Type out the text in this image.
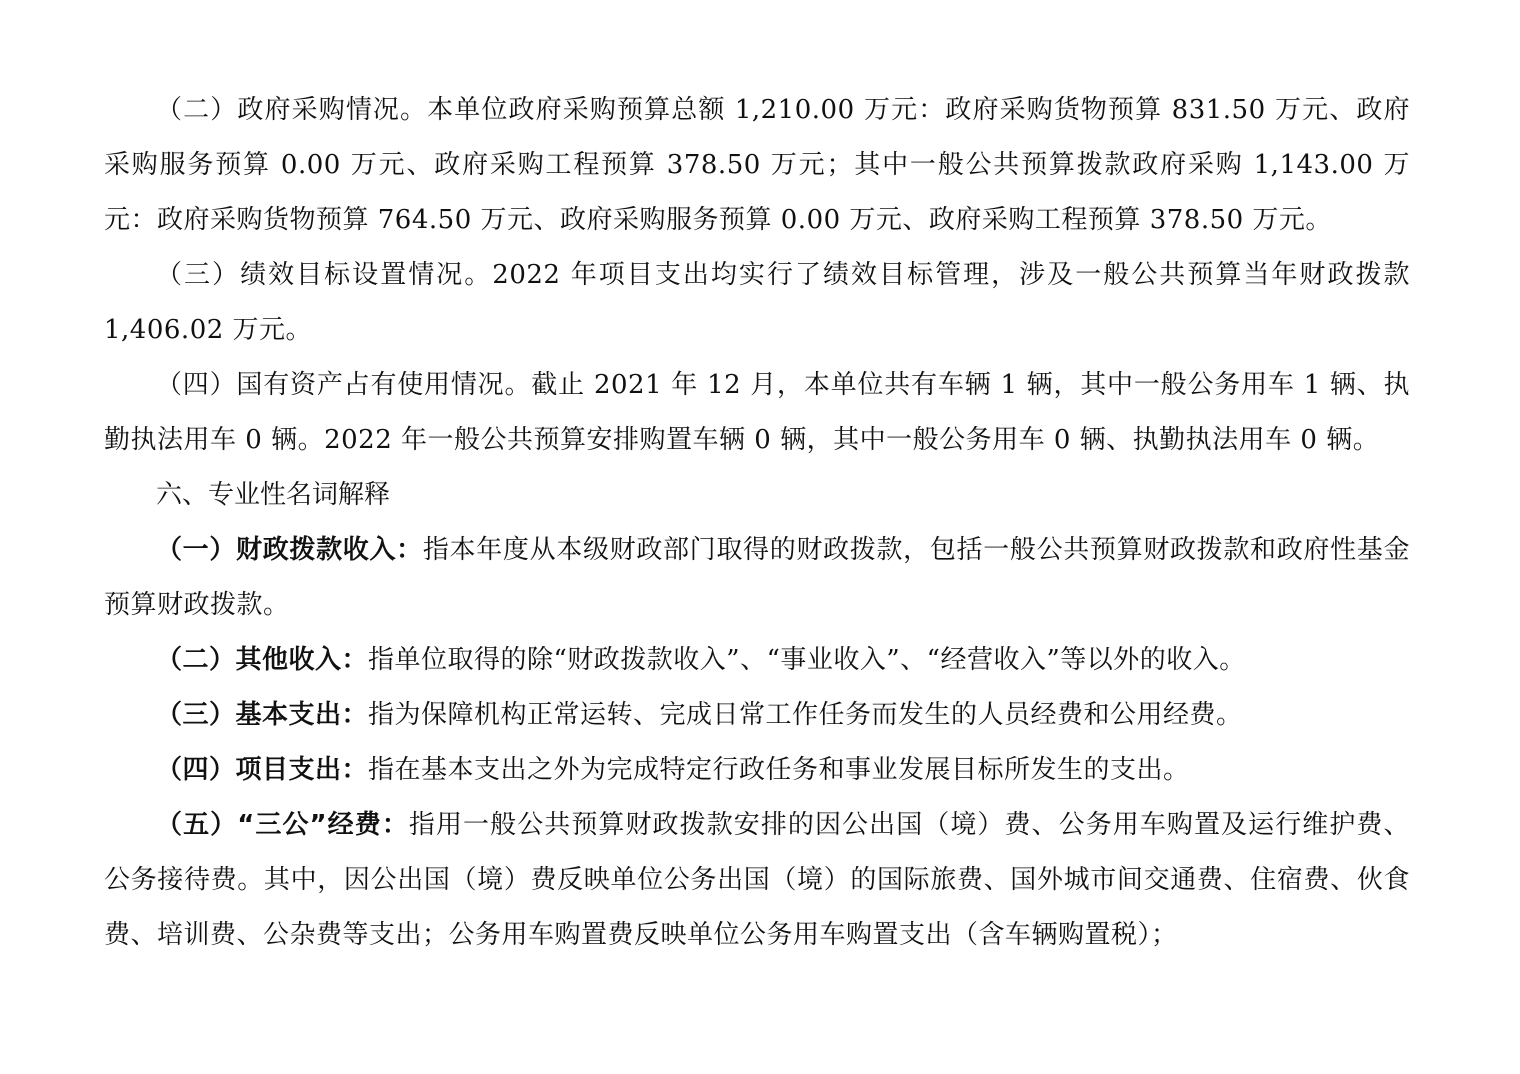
（二）政府采购情况。本单位政府采购预算总额 1,210.00 万元：政府采购货物预算 831.50 万元、政府采购服务预算 0.00 万元、政府采购工程预算 378.50 万元；其中一般公共预算拨款政府采购 1,143.00 万元：政府采购货物预算 764.50 万元、政府采购服务预算 0.00 万元、政府采购工程预算 378.50 万元。

（三）绩效目标设置情况。2022 年项目支出均实行了绩效目标管理，涉及一般公共预算当年财政拨款 1,406.02 万元。

（四）国有资产占有使用情况。截止 2021 年 12 月，本单位共有车辆 1 辆，其中一般公务用车 1 辆、执勤执法用车 0 辆。2022 年一般公共预算安排购置车辆 0 辆，其中一般公务用车 0 辆、执勤执法用车 0 辆。

六、专业性名词解释

（一）财政拨款收入：指本年度从本级财政部门取得的财政拨款，包括一般公共预算财政拨款和政府性基金预算财政拨款。

（二）其他收入：指单位取得的除“财政拨款收入”、“事业收入”、“经营收入”等以外的收入。

（三）基本支出：指为保障机构正常运转、完成日常工作任务而发生的人员经费和公用经费。

（四）项目支出：指在基本支出之外为完成特定行政任务和事业发展目标所发生的支出。

（五）“三公”经费：指用一般公共预算财政拨款安排的因公出国（境）费、公务用车购置及运行维护费、公务接待费。其中，因公出国（境）费反映单位公务出国（境）的国际旅费、国外城市间交通费、住宿费、伙食费、培训费、公杂费等支出；公务用车购置费反映单位公务用车购置支出（含车辆购置税）；
